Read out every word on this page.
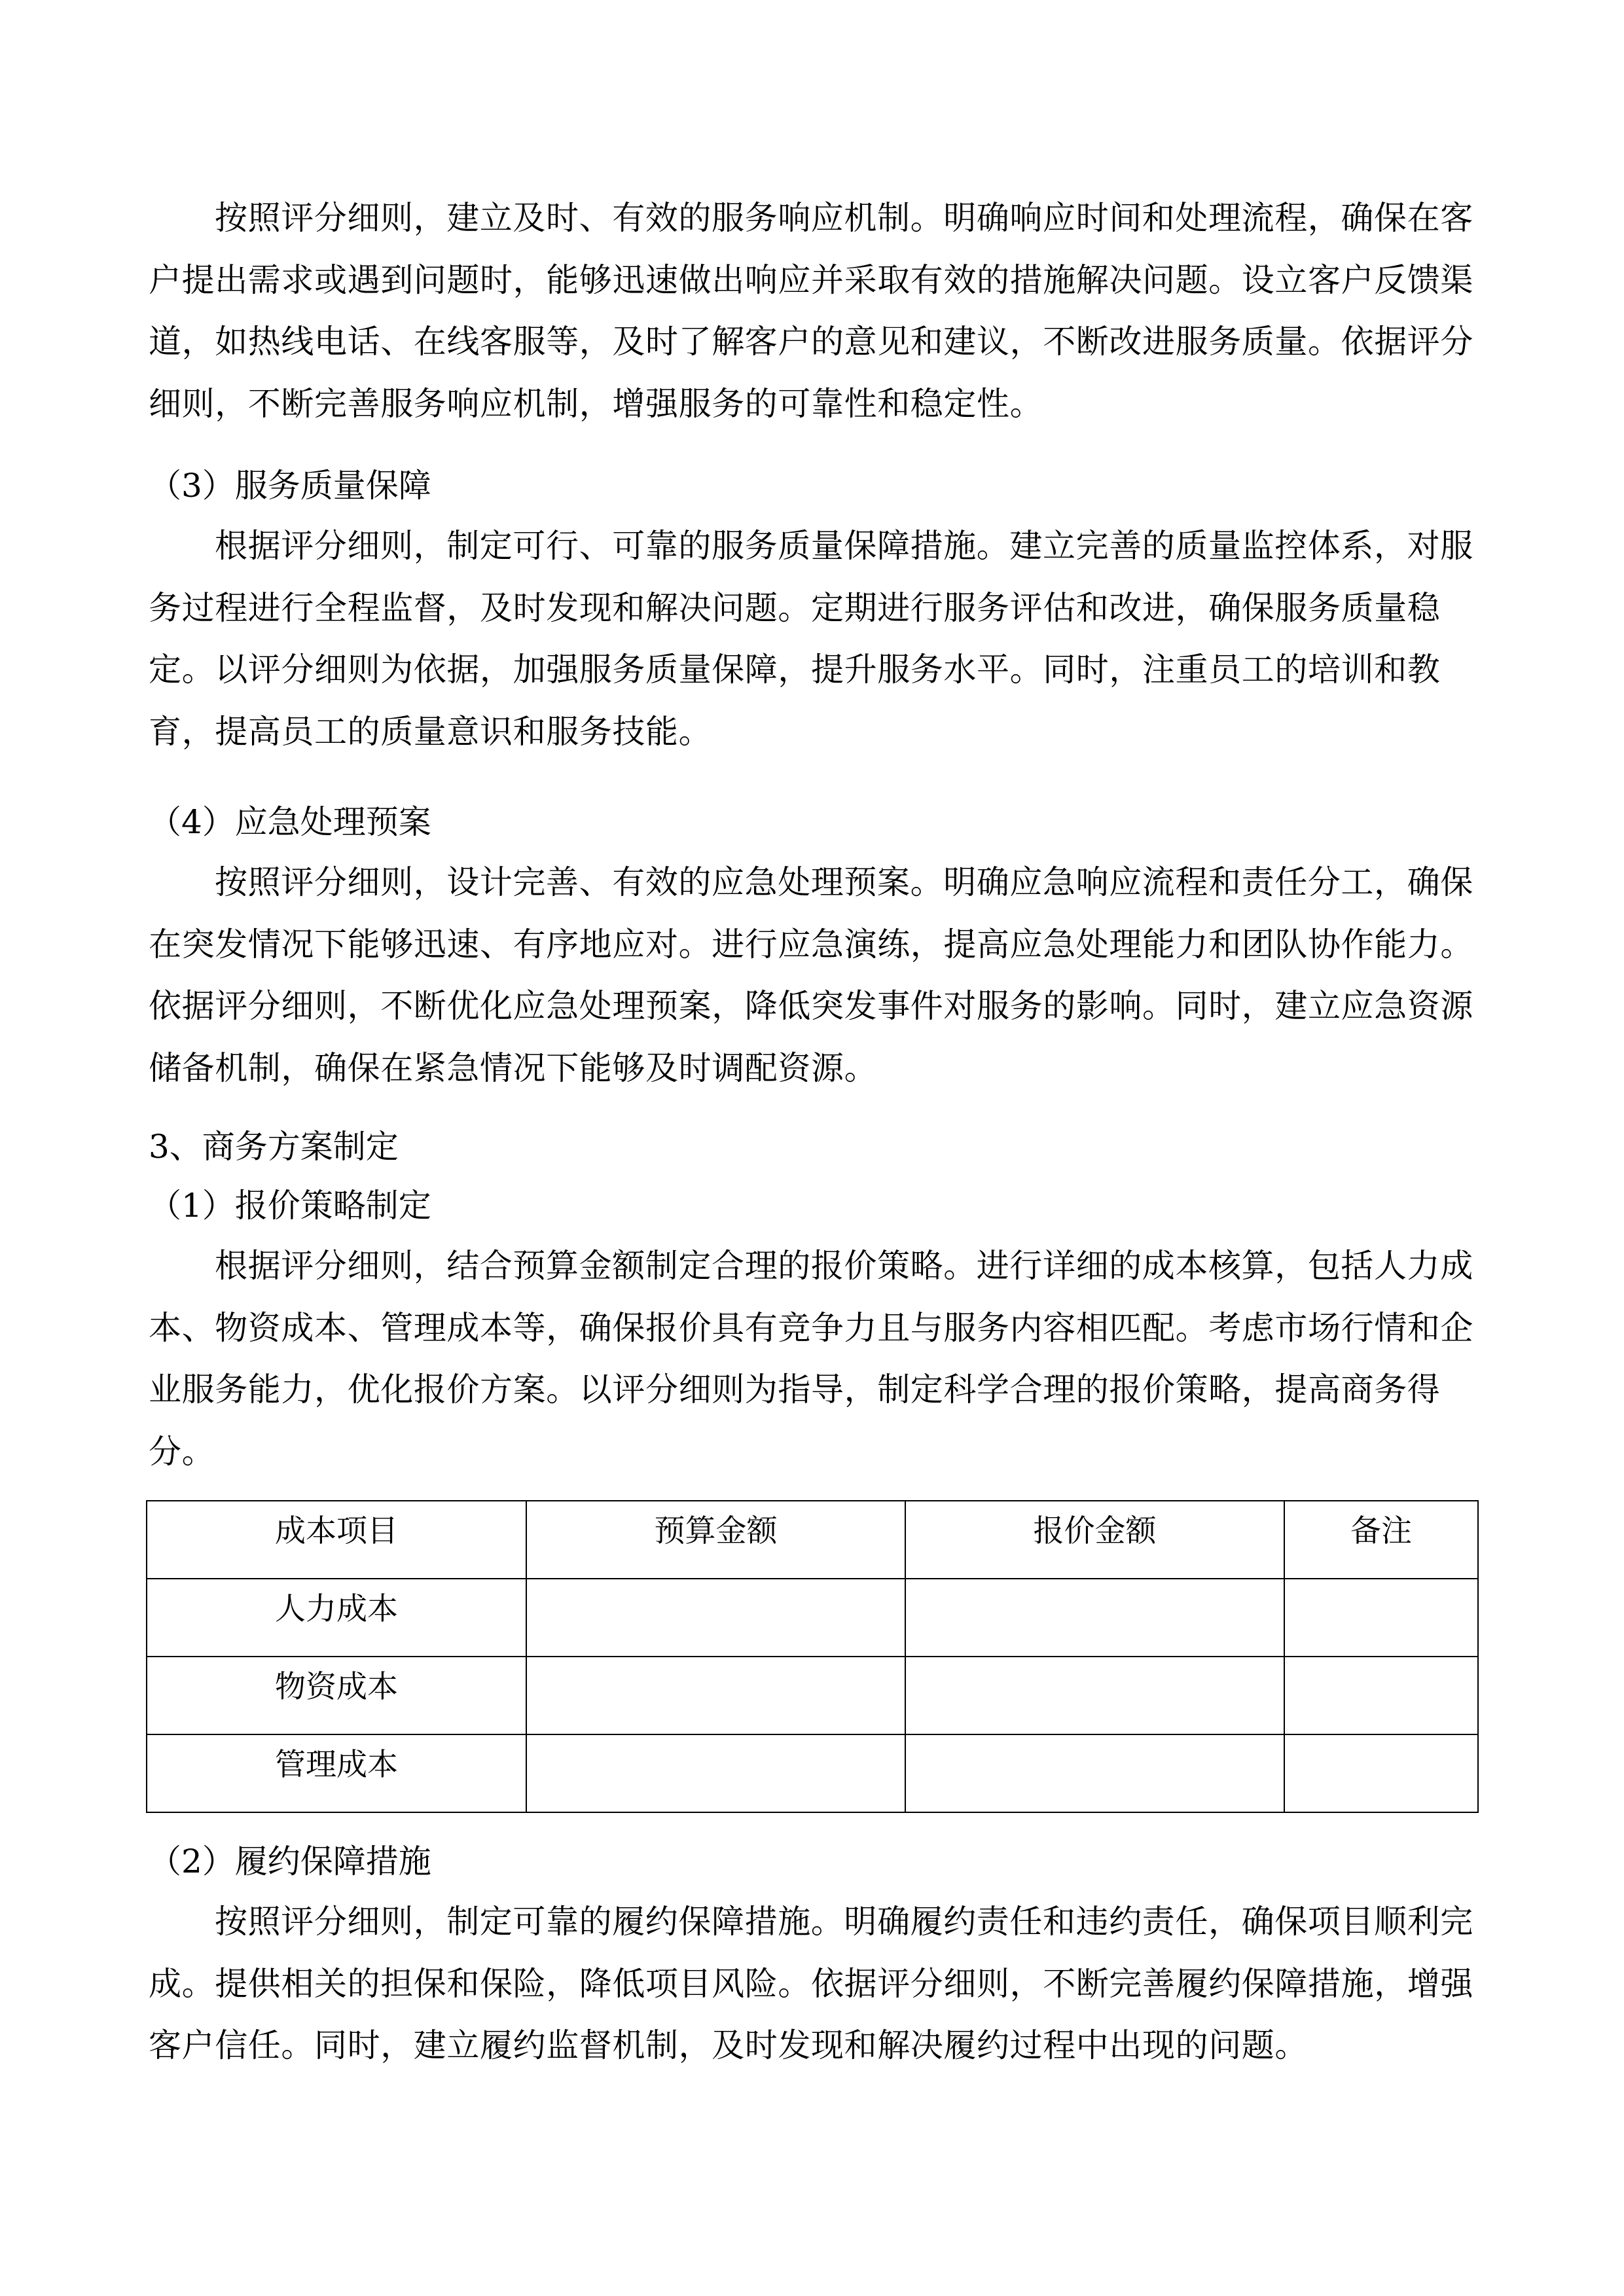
按照评分细则，建立及时、有效的服务响应机制。明确响应时间和处理流程，确保在客
户提出需求或遇到问题时，能够迅速做出响应并采取有效的措施解决问题。设立客户反馈渠
道，如热线电话、在线客服等，及时了解客户的意见和建议，不断改进服务质量。依据评分
细则，不断完善服务响应机制，增强服务的可靠性和稳定性。
（3）服务质量保障
根据评分细则，制定可行、可靠的服务质量保障措施。建立完善的质量监控体系，对服
务过程进行全程监督，及时发现和解决问题。定期进行服务评估和改进，确保服务质量稳
定。以评分细则为依据，加强服务质量保障，提升服务水平。同时，注重员工的培训和教
育，提高员工的质量意识和服务技能。
（4）应急处理预案
按照评分细则，设计完善、有效的应急处理预案。明确应急响应流程和责任分工，确保
在突发情况下能够迅速、有序地应对。进行应急演练，提高应急处理能力和团队协作能力。
依据评分细则，不断优化应急处理预案，降低突发事件对服务的影响。同时，建立应急资源
储备机制，确保在紧急情况下能够及时调配资源。
3、商务方案制定
（1）报价策略制定
根据评分细则，结合预算金额制定合理的报价策略。进行详细的成本核算，包括人力成
本、物资成本、管理成本等，确保报价具有竞争力且与服务内容相匹配。考虑市场行情和企
业服务能力，优化报价方案。以评分细则为指导，制定科学合理的报价策略，提高商务得
分。
成本项目	预算金额	报价金额	备注
人力成本			
物资成本			
管理成本			
（2）履约保障措施
按照评分细则，制定可靠的履约保障措施。明确履约责任和违约责任，确保项目顺利完
成。提供相关的担保和保险，降低项目风险。依据评分细则，不断完善履约保障措施，增强
客户信任。同时，建立履约监督机制，及时发现和解决履约过程中出现的问题。
